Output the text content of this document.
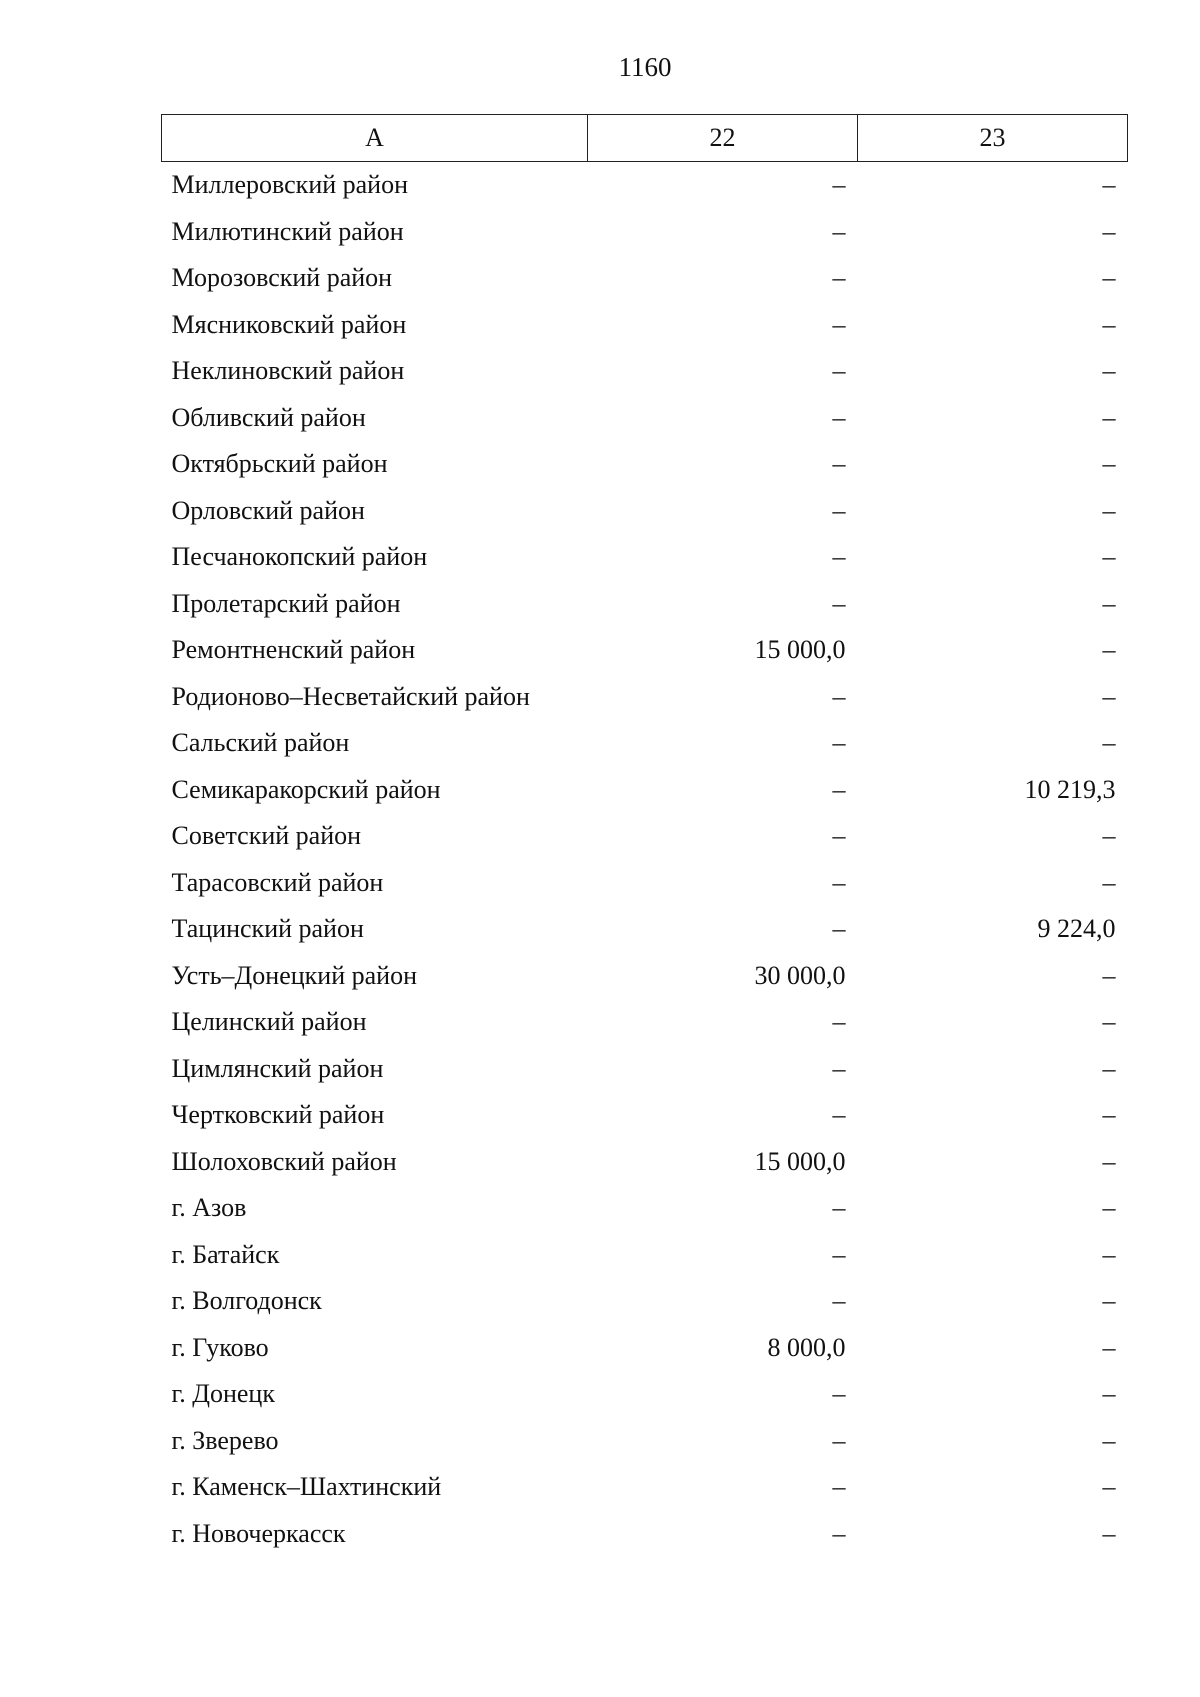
1160
А	22	23
Миллеровский район	–	–
Милютинский район	–	–
Морозовский район	–	–
Мясниковский район	–	–
Неклиновский район	–	–
Обливский район	–	–
Октябрьский район	–	–
Орловский район	–	–
Песчанокопский район	–	–
Пролетарский район	–	–
Ремонтненский район	15 000,0	–
Родионово–Несветайский район	–	–
Сальский район	–	–
Семикаракорский район	–	10 219,3
Советский район	–	–
Тарасовский район	–	–
Тацинский район	–	9 224,0
Усть–Донецкий район	30 000,0	–
Целинский район	–	–
Цимлянский район	–	–
Чертковский район	–	–
Шолоховский район	15 000,0	–
г. Азов	–	–
г. Батайск	–	–
г. Волгодонск	–	–
г. Гуково	8 000,0	–
г. Донецк	–	–
г. Зверево	–	–
г. Каменск–Шахтинский	–	–
г. Новочеркасск	–	–
